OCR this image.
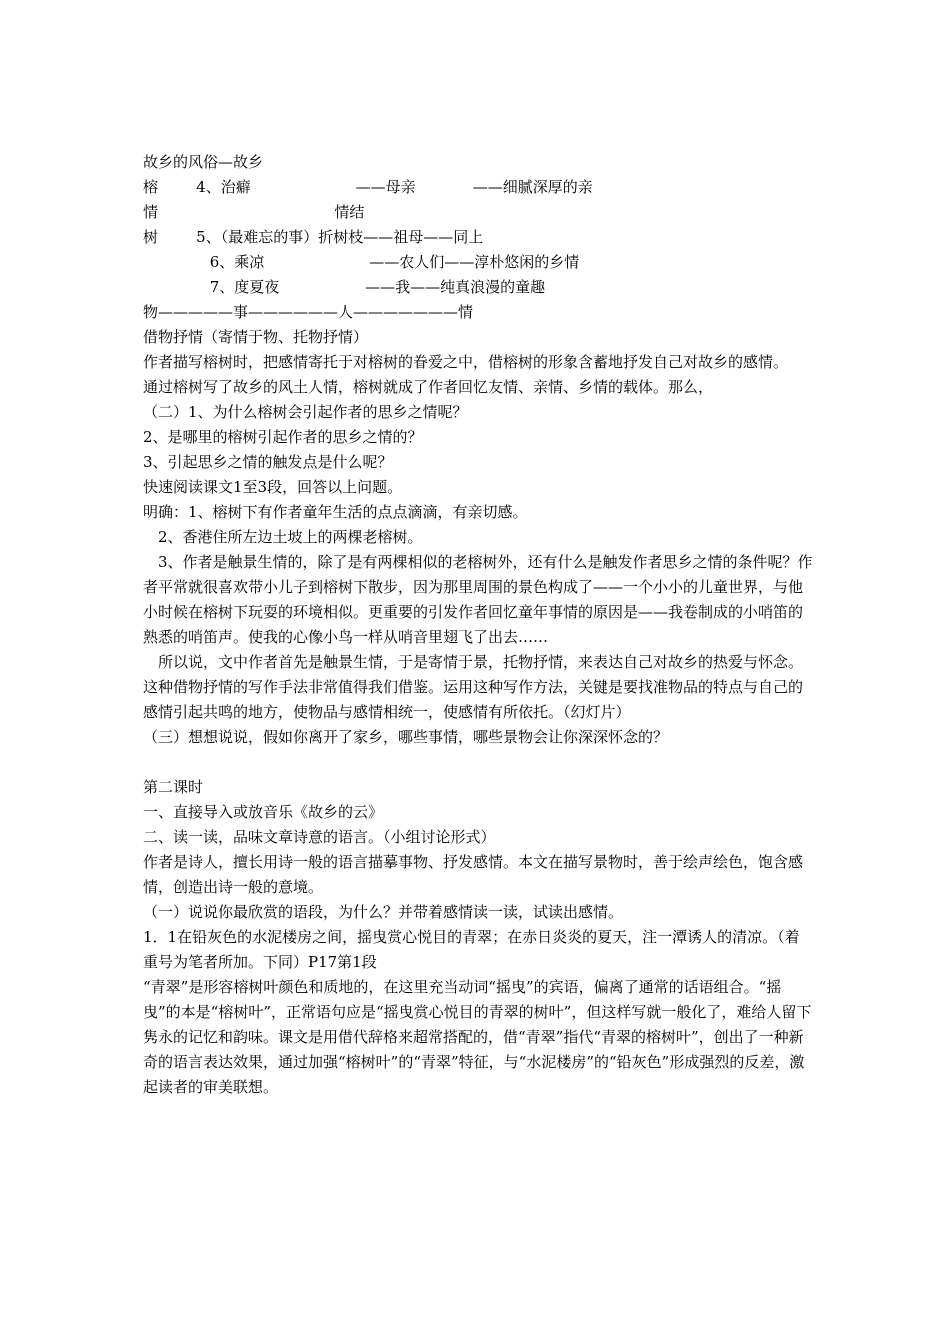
故乡的风俗—故乡
榕        4、治癖                      ——母亲            ——细腻深厚的亲
情                                     情结
树        5、（最难忘的事）折树枝——祖母——同上
6、乘凉                      ——农人们——淳朴悠闲的乡情
7、度夏夜                  ——我——纯真浪漫的童趣
物—————事——————人———————情
借物抒情（寄情于物、托物抒情）
作者描写榕树时，把感情寄托于对榕树的眷爱之中，借榕树的形象含蓄地抒发自己对故乡的感情。
通过榕树写了故乡的风土人情，榕树就成了作者回忆友情、亲情、乡情的载体。那么，
（二）1、为什么榕树会引起作者的思乡之情呢？
2、是哪里的榕树引起作者的思乡之情的？
3、引起思乡之情的触发点是什么呢？
快速阅读课文1至3段，回答以上问题。
明确：1、榕树下有作者童年生活的点点滴滴，有亲切感。
2、香港住所左边土坡上的两棵老榕树。
3、作者是触景生情的，除了是有两棵相似的老榕树外，还有什么是触发作者思乡之情的条件呢？作者平常就很喜欢带小儿子到榕树下散步，因为那里周围的景色构成了——一个小小的儿童世界，与他小时候在榕树下玩耍的环境相似。更重要的引发作者回忆童年事情的原因是——我卷制成的小哨笛的熟悉的哨笛声。使我的心像小鸟一样从哨音里翅飞了出去……
所以说，文中作者首先是触景生情，于是寄情于景，托物抒情，来表达自己对故乡的热爱与怀念。这种借物抒情的写作手法非常值得我们借鉴。运用这种写作方法，关键是要找准物品的特点与自己的感情引起共鸣的地方，使物品与感情相统一，使感情有所依托。（幻灯片）
（三）想想说说，假如你离开了家乡，哪些事情，哪些景物会让你深深怀念的？
第二课时
一、直接导入或放音乐《故乡的云》
二、读一读，品味文章诗意的语言。（小组讨论形式）
作者是诗人，擅长用诗一般的语言描摹事物、抒发感情。本文在描写景物时，善于绘声绘色，饱含感情，创造出诗一般的意境。
（一）说说你最欣赏的语段，为什么？并带着感情读一读，试读出感情。
1．1在铅灰色的水泥楼房之间，摇曳赏心悦目的青翠；在赤日炎炎的夏天，注一潭诱人的清凉。（着重号为笔者所加。下同）P17第1段
“青翠”是形容榕树叶颜色和质地的，在这里充当动词“摇曳”的宾语，偏离了通常的话语组合。“摇曳”的本是“榕树叶”，正常语句应是“摇曳赏心悦目的青翠的树叶”，但这样写就一般化了，难给人留下隽永的记忆和韵味。课文是用借代辞格来超常搭配的，借“青翠”指代“青翠的榕树叶”，创出了一种新奇的语言表达效果，通过加强“榕树叶”的“青翠”特征，与“水泥楼房”的“铅灰色”形成强烈的反差，激起读者的审美联想。
